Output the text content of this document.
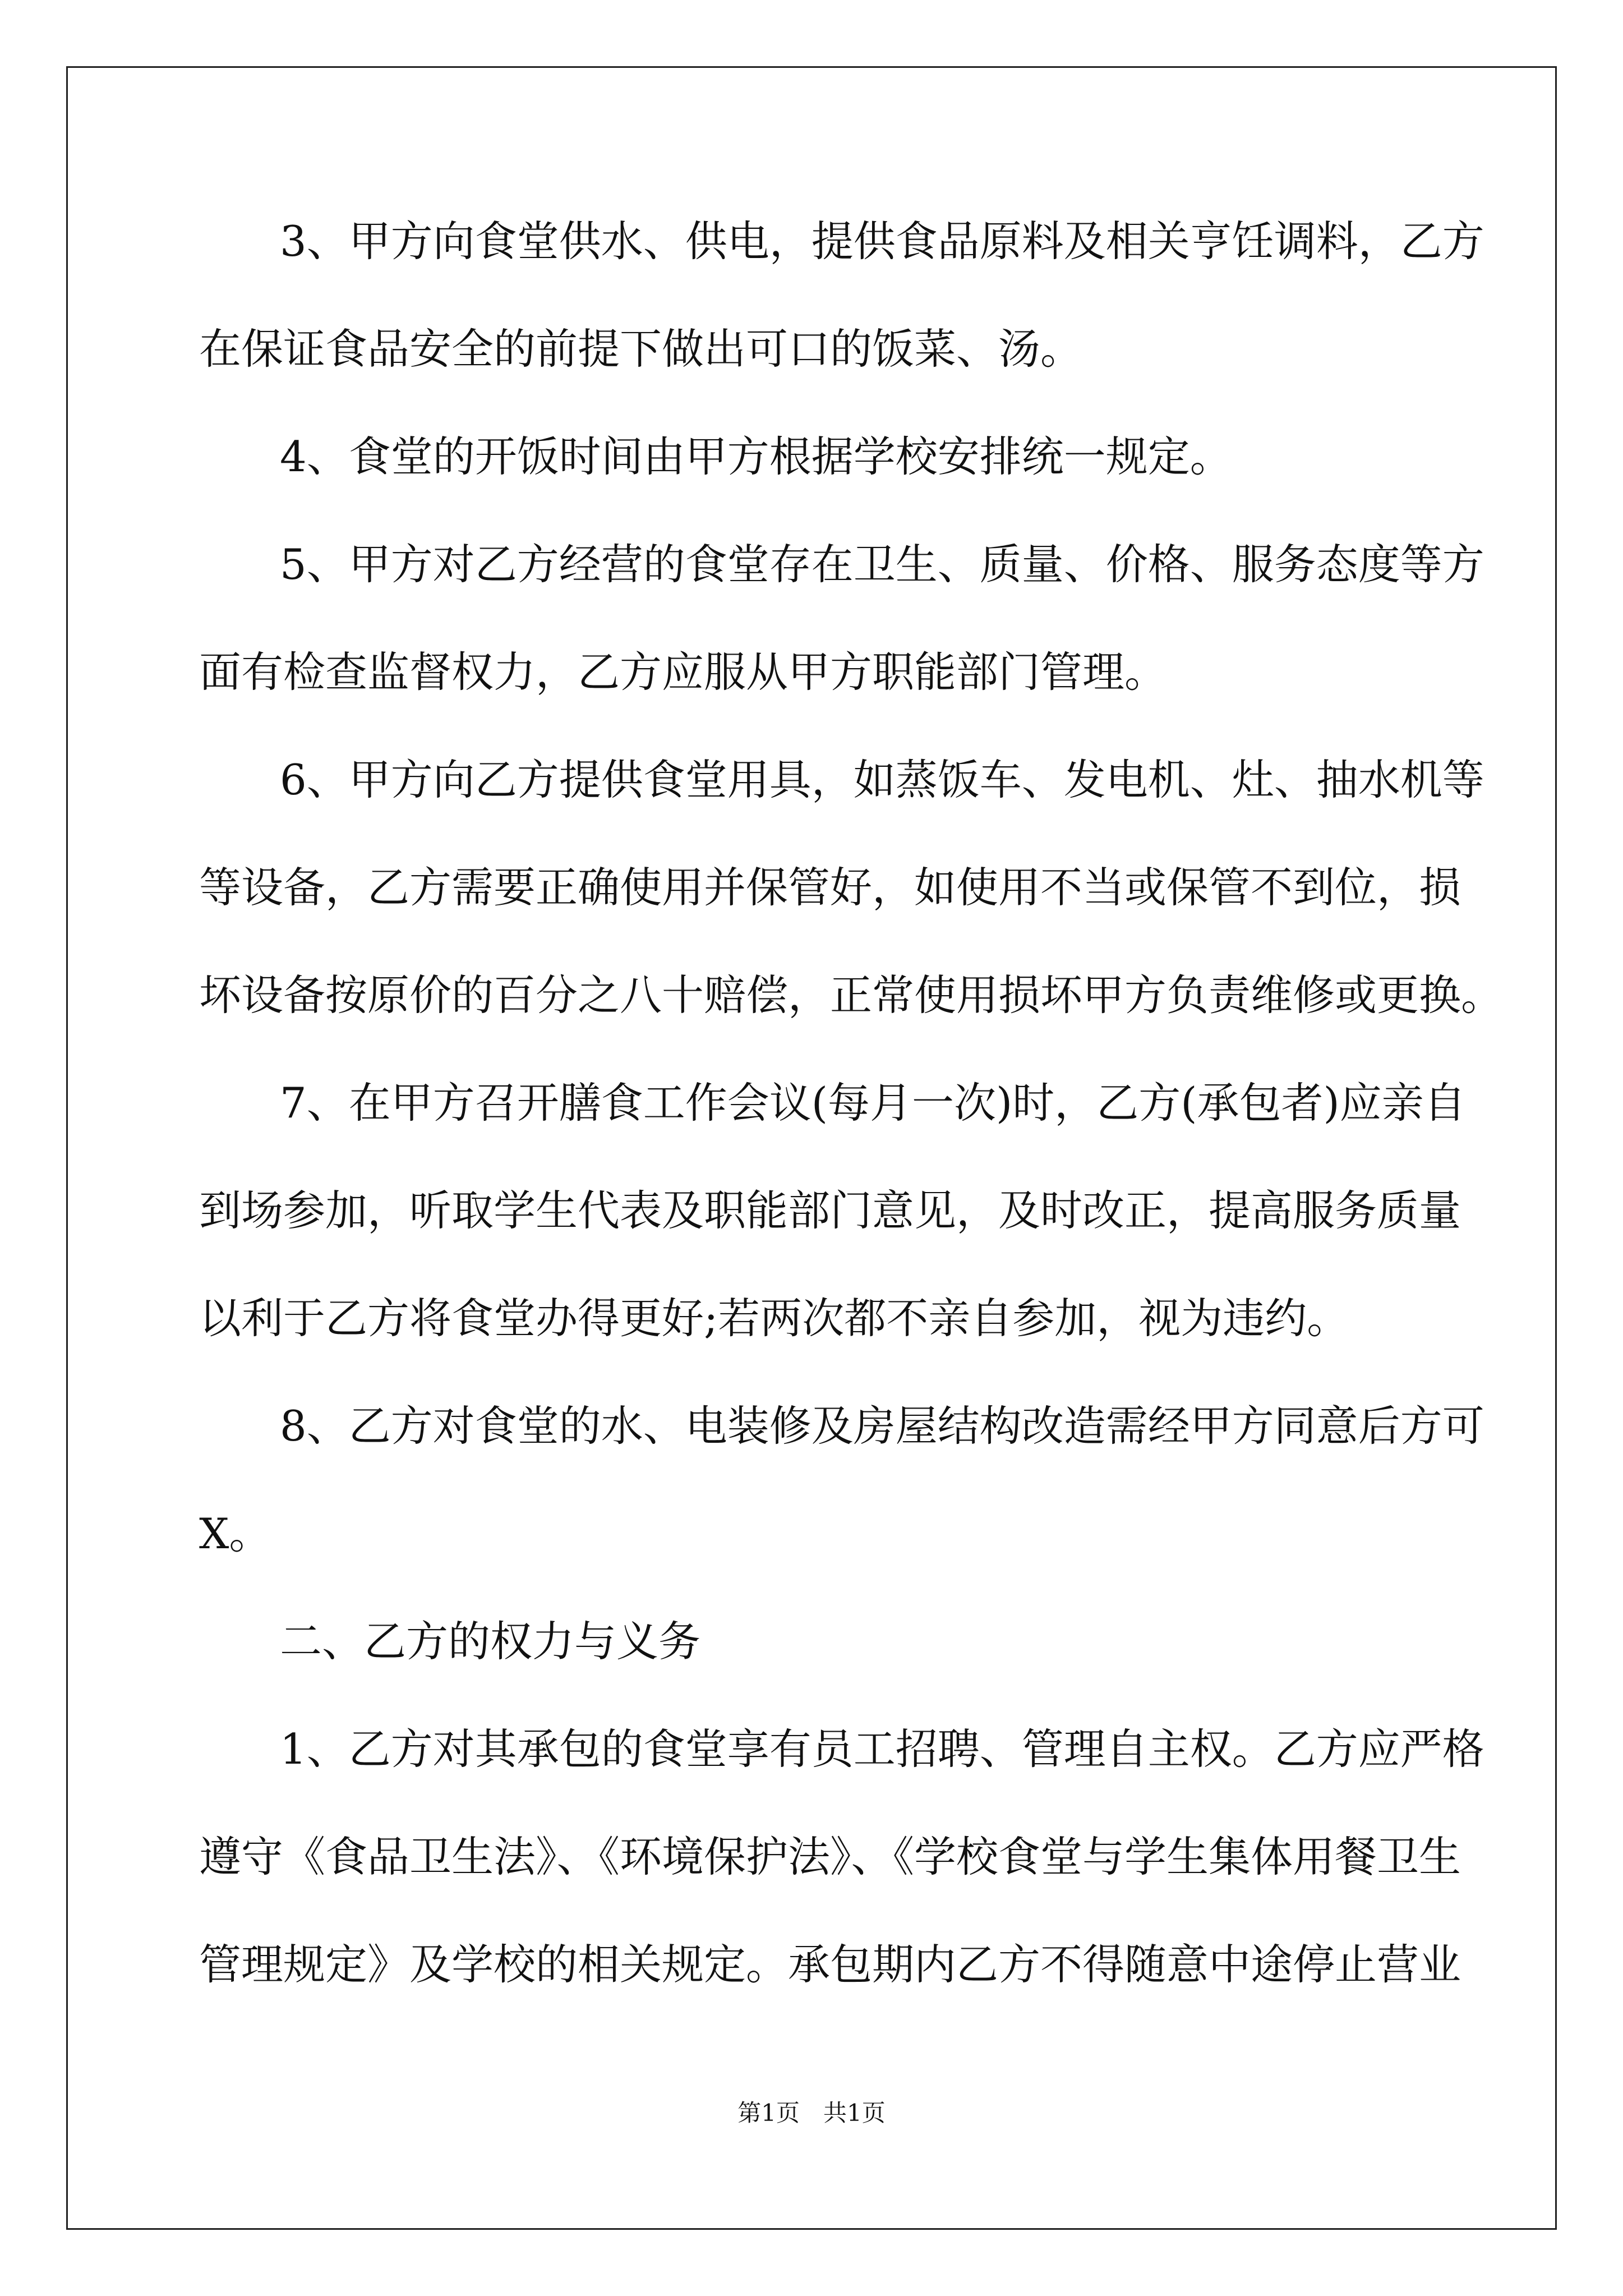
3、甲方向食堂供水、供电，提供食品原料及相关亨饪调料，乙方
在保证食品安全的前提下做出可口的饭菜、汤。
4、食堂的开饭时间由甲方根据学校安排统一规定。
5、甲方对乙方经营的食堂存在卫生、质量、价格、服务态度等方
面有检查监督权力，乙方应服从甲方职能部门管理。
6、甲方向乙方提供食堂用具，如蒸饭车、发电机、灶、抽水机等
等设备，乙方需要正确使用并保管好，如使用不当或保管不到位，损
坏设备按原价的百分之八十赔偿，正常使用损坏甲方负责维修或更换。
7、在甲方召开膳食工作会议(每月一次)时，乙方(承包者)应亲自
到场参加，听取学生代表及职能部门意见，及时改正，提高服务质量
以利于乙方将食堂办得更好;若两次都不亲自参加，视为违约。
8、乙方对食堂的水、电装修及房屋结构改造需经甲方同意后方可
X。
二、乙方的权力与义务
1、乙方对其承包的食堂享有员工招聘、管理自主权。乙方应严格
遵守《食品卫生法》、《环境保护法》、《学校食堂与学生集体用餐卫生
管理规定》及学校的相关规定。承包期内乙方不得随意中途停止营业
第1页　共1页
